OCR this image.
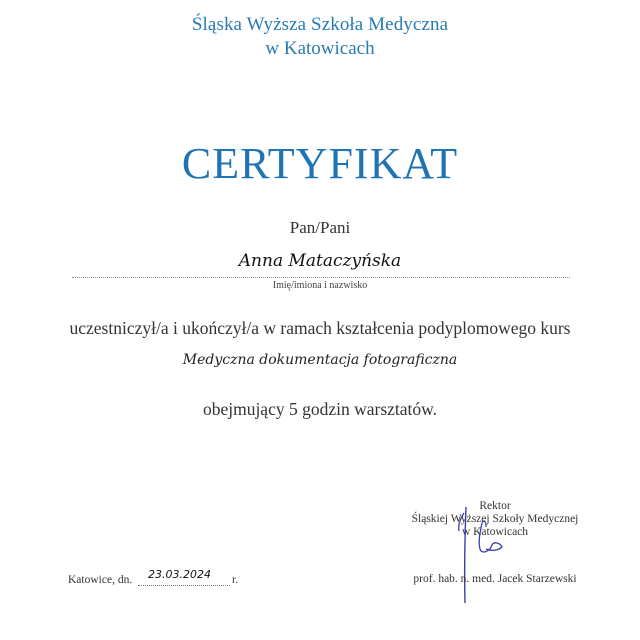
Śląska Wyższa Szkoła Medyczna
w Katowicach
CERTYFIKAT
Pan/Pani
Anna Mataczyńska
Imię/imiona i nazwisko
uczestniczył/a i ukończył/a w ramach kształcenia podyplomowego kurs
Medyczna dokumentacja fotograficzna
obejmujący 5 godzin warsztatów.
Rektor
Śląskiej Wyższej Szkoły Medycznej
w Katowicach
prof. hab. n. med. Jacek Starzewski
Katowice, dn. 23.03.2024 r.
